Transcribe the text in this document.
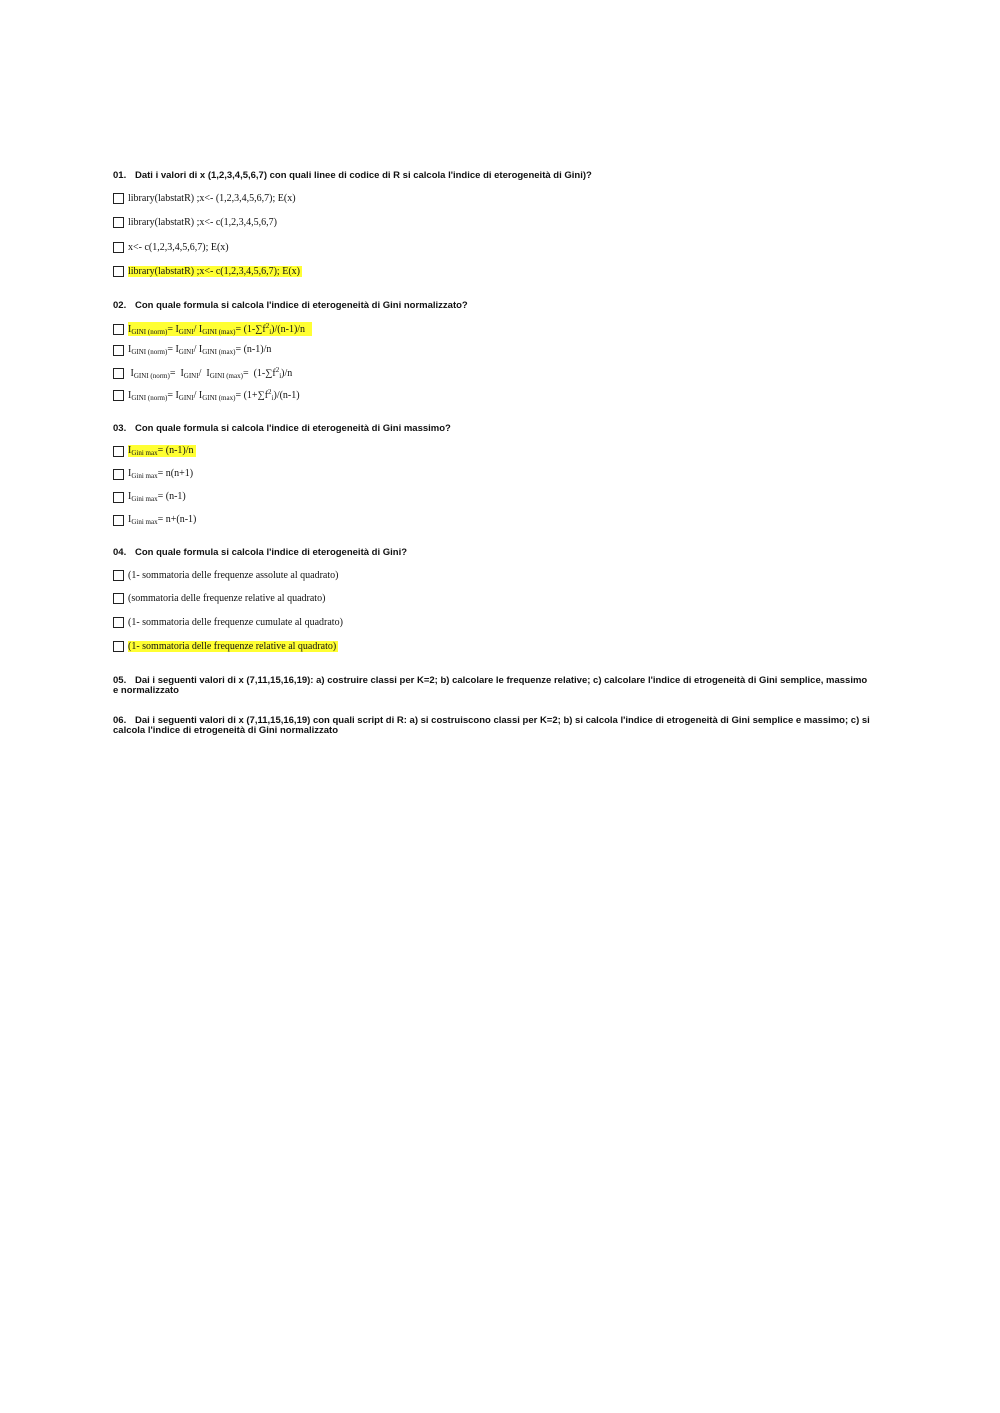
01. Dati i valori di x (1,2,3,4,5,6,7) con quali linee di codice di R si calcola l'indice di eterogeneità di Gini)?
library(labstatR) ;x<- (1,2,3,4,5,6,7); E(x)
library(labstatR) ;x<- c(1,2,3,4,5,6,7)
x<- c(1,2,3,4,5,6,7); E(x)
library(labstatR) ;x<- c(1,2,3,4,5,6,7); E(x)
02. Con quale formula si calcola l'indice di eterogeneità di Gini normalizzato?
$I_{GINI (norm)}= I_{GINI}/$ $I_{GINI (max)}= (1-\sum f^2_i)/(n-1)/n$
$I_{GINI (norm)}= I_{GINI}/$ $I_{GINI (max)}= (n-1)/n$
$I_{GINI (norm)}= I_{GINI}/$ $I_{GINI (max)}= (1-\sum f^2_i)/n$
$I_{GINI (norm)}= I_{GINI}/$ $I_{GINI (max)}= (1+\sum f^2_i)/(n-1)$
03. Con quale formula si calcola l'indice di eterogeneità di Gini massimo?
$I_{Gini max}= (n-1)/n$
$I_{Gini max}= n(n+1)$
$I_{Gini max}= (n-1)$
$I_{Gini max}= n+(n-1)$
04. Con quale formula si calcola l'indice di eterogeneità di Gini?
(1- sommatoria delle frequenze assolute al quadrato)
(sommatoria delle frequenze relative al quadrato)
(1- sommatoria delle frequenze cumulate al quadrato)
(1- sommatoria delle frequenze relative al quadrato)
05. Dai i seguenti valori di x (7,11,15,16,19): a) costruire classi per K=2; b) calcolare le frequenze relative; c) calcolare l'indice di etrogeneità di Gini semplice, massimo e normalizzato
06. Dai i seguenti valori di x (7,11,15,16,19) con quali script di R: a) si costruiscono classi per K=2; b) si calcola l'indice di etrogeneità di Gini semplice e massimo; c) si calcola l'indice di etrogeneità di Gini normalizzato
